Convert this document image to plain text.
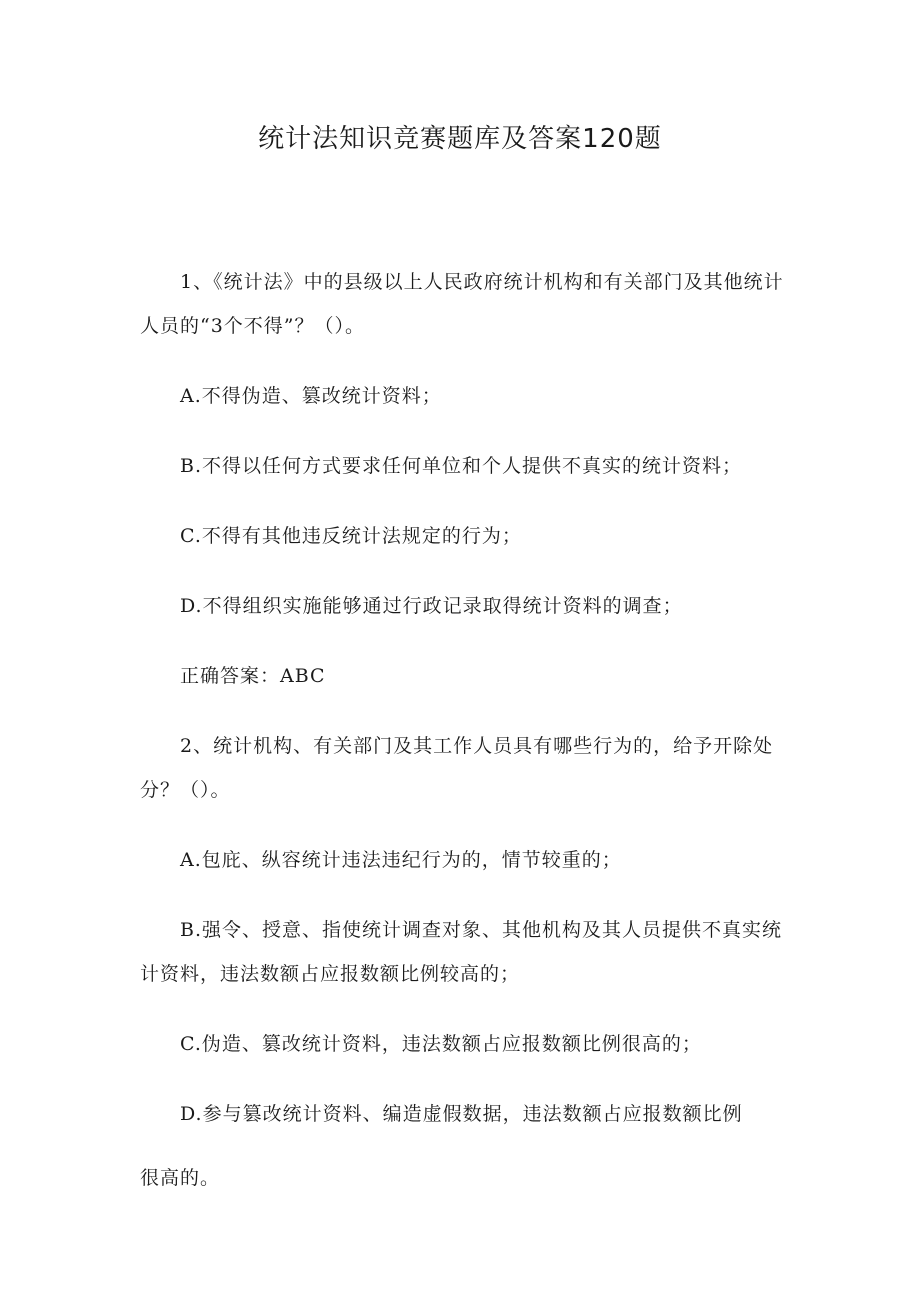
统计法知识竞赛题库及答案120题

1、《统计法》中的县级以上人民政府统计机构和有关部门及其他统计人员的“3个不得”？（）。

A.不得伪造、篡改统计资料；

B.不得以任何方式要求任何单位和个人提供不真实的统计资料；

C.不得有其他违反统计法规定的行为；

D.不得组织实施能够通过行政记录取得统计资料的调查；

正确答案：ABC

2、统计机构、有关部门及其工作人员具有哪些行为的，给予开除处分？（）。

A.包庇、纵容统计违法违纪行为的，情节较重的；

B.强令、授意、指使统计调查对象、其他机构及其人员提供不真实统计资料，违法数额占应报数额比例较高的；

C.伪造、篡改统计资料，违法数额占应报数额比例很高的；

D.参与篡改统计资料、编造虚假数据，违法数额占应报数额比例

很高的。
